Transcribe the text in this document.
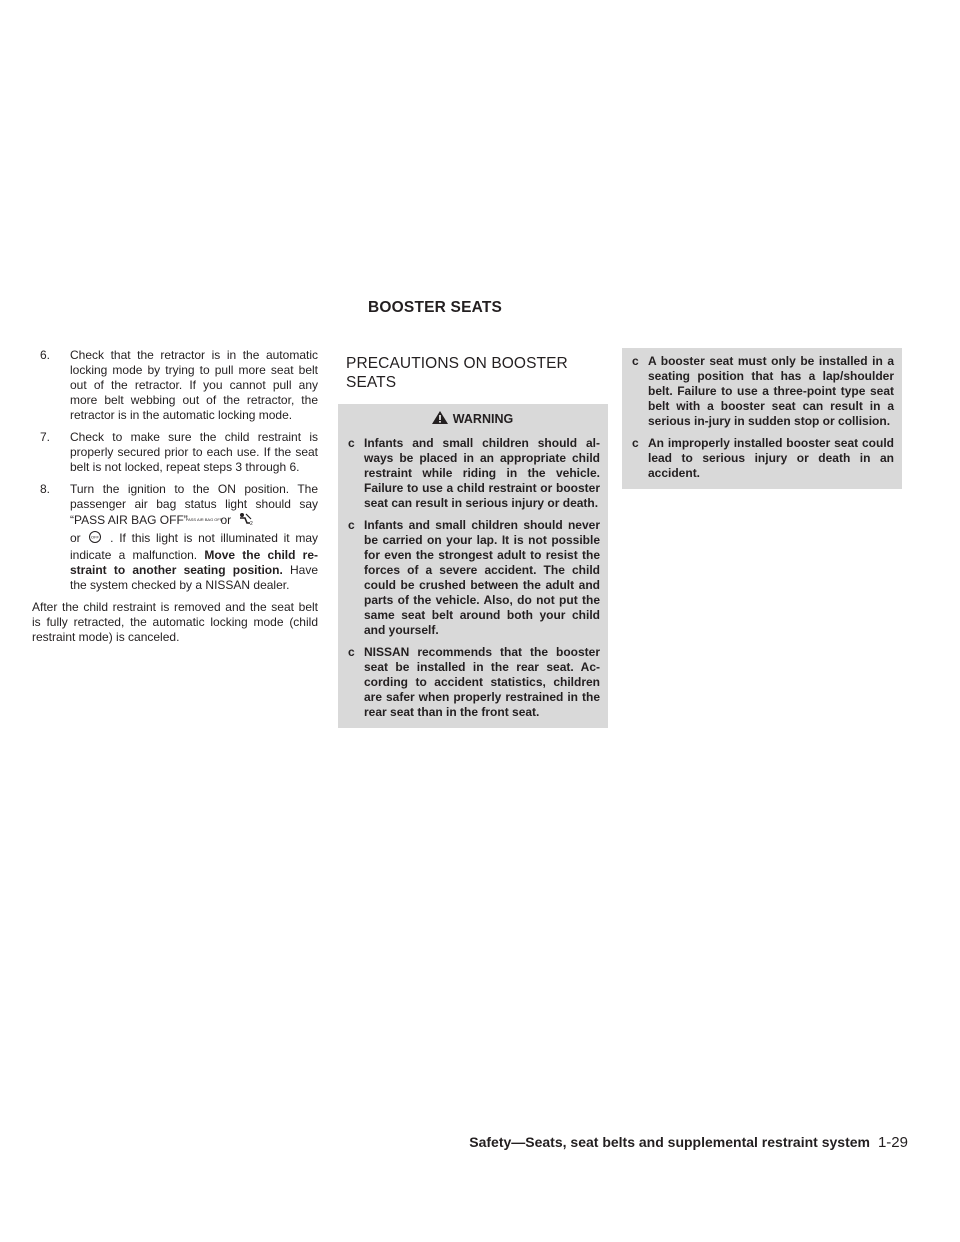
BOOSTER SEATS
6. Check that the retractor is in the automatic locking mode by trying to pull more seat belt out of the retractor. If you cannot pull any more belt webbing out of the retractor, the retractor is in the automatic locking mode.
7. Check to make sure the child restraint is properly secured prior to each use. If the seat belt is not locked, repeat steps 3 through 6.
8. Turn the ignition to the ON position. The passenger air bag status light should say “PASS AIR BAG OFF”
PASS AIR BAG OFF
or	2

or	OFF . If this light is not illuminated it may indicate a malfunction. Move the child re-straint to another seating position. Have the system checked by a NISSAN dealer.

After the child restraint is removed and the seat belt is fully retracted, the automatic locking mode (child restraint mode) is canceled.

PRECAUTIONS ON BOOSTER SEATS
WARNING
c Infants and small children should al-ways be placed in an appropriate child restraint while riding in the vehicle. Failure to use a child restraint or booster seat can result in serious injury or death.
c Infants and small children should never be carried on your lap. It is not possible for even the strongest adult to resist the forces of a severe accident. The child could be crushed between the adult and parts of the vehicle. Also, do not put the same seat belt around both your child and yourself.
c NISSAN recommends that the booster seat be installed in the rear seat. Ac-cording to accident statistics, children are safer when properly restrained in the rear seat than in the front seat.
c A booster seat must only be installed in a seating position that has a lap/shoulder belt. Failure to use a three-point type seat belt with a booster seat can result in a serious in-jury in sudden stop or collision.
c An improperly installed booster seat could lead to serious injury or death in an accident.
Safety—Seats, seat belts and supplemental restraint system 1-29
